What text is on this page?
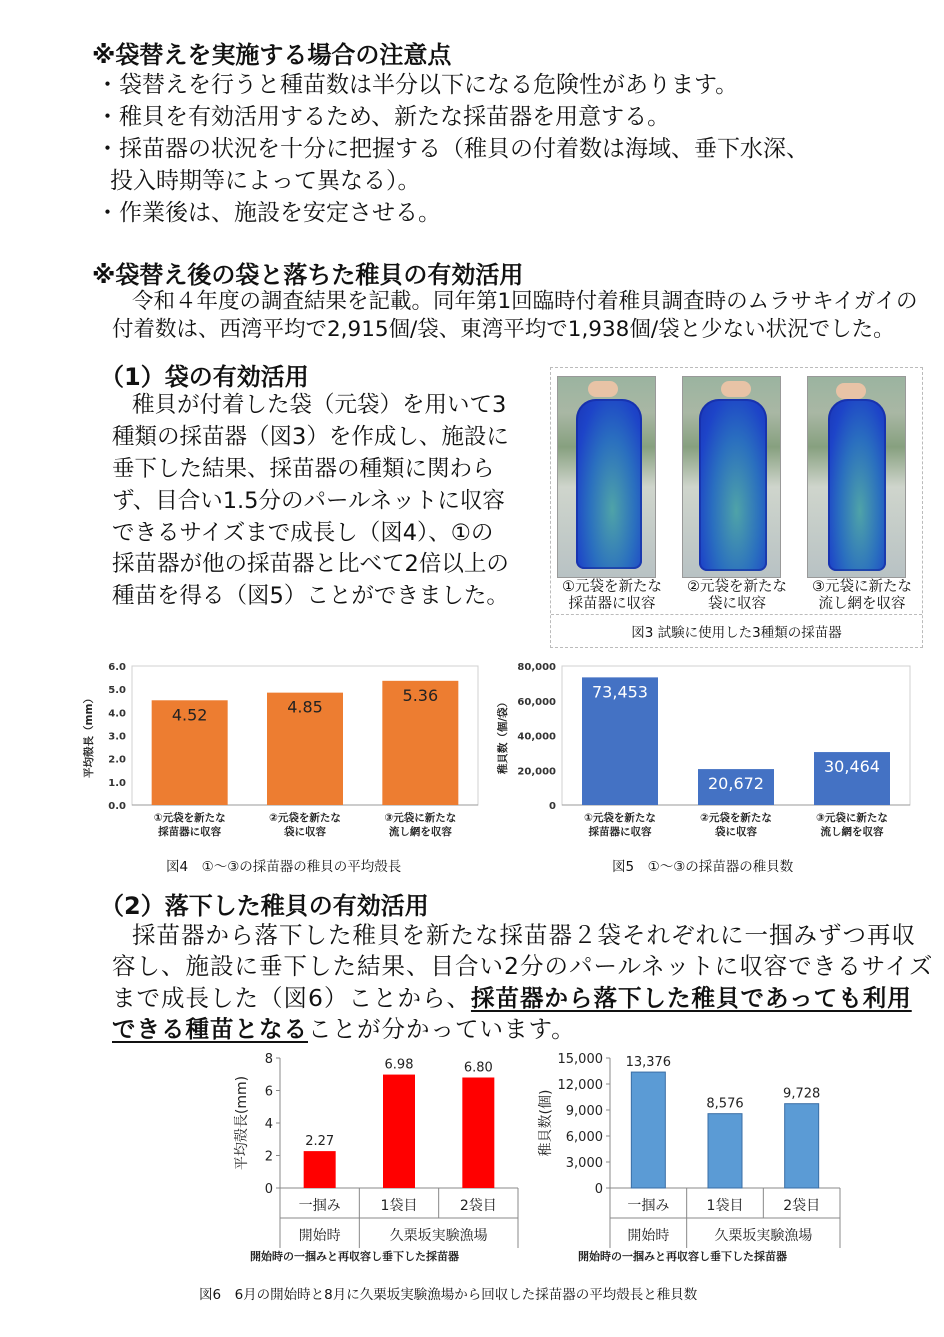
※袋替えを実施する場合の注意点
・袋替えを行うと種苗数は半分以下になる危険性があります。
・稚貝を有効活用するため、新たな採苗器を用意する。
・採苗器の状況を十分に把握する（稚貝の付着数は海域、垂下水深、
投入時期等によって異なる）。
・作業後は、施設を安定させる。
※袋替え後の袋と落ちた稚貝の有効活用
令和４年度の調査結果を記載。同年第1回臨時付着稚貝調査時のムラサキイガイの
付着数は、西湾平均で2,915個/袋、東湾平均で1,938個/袋と少ない状況でした。
（1）袋の有効活用
稚貝が付着した袋（元袋）を用いて3
種類の採苗器（図3）を作成し、施設に
垂下した結果、採苗器の種類に関わら
ず、目合い1.5分のパールネットに収容
できるサイズまで成長し（図4）、①の
採苗器が他の採苗器と比べて2倍以上の
種苗を得る（図5）ことができました。	①元袋を新たな
採苗器に収容
②元袋を新たな
袋に収容
③元袋に新たな
流し網を収容
図3 試験に使用した3種類の採苗器
0.0
1.0
2.0
3.0
4.0
5.0
6.0
4.52
①元袋を新たな
採苗器に収容
4.85
②元袋を新たな
袋に収容
5.36
③元袋に新たな
流し網を収容
平均殻長（mm）
図4　①～③の採苗器の稚貝の平均殻長
0
20,000
40,000
60,000
80,000
73,453
①元袋を新たな
採苗器に収容
20,672
②元袋を新たな
袋に収容
30,464
③元袋に新たな
流し網を収容
稚貝数（個/袋）
図5　①～③の採苗器の稚貝数
（2）落下した稚貝の有効活用
採苗器から落下した稚貝を新たな採苗器２袋それぞれに一掴みずつ再収
容し、施設に垂下した結果、目合い2分のパールネットに収容できるサイズ
まで成長した（図6）ことから、採苗器から落下した稚貝であっても利用
できる種苗となることが分かっています。
0
2
4
6
8
2.27
一掴み
6.98
1袋目
6.80
2袋目
開始時	久栗坂実験漁場
開始時の一掴みと再収容し垂下した採苗器
平均殻長(mm)
0
3,000
6,000
9,000
12,000
15,000 13,376
一掴み
8,576
1袋目
9,728
2袋目
開始時	久栗坂実験漁場
開始時の一掴みと再収容し垂下した採苗器
稚貝数(個)
図6　6月の開始時と8月に久栗坂実験漁場から回収した採苗器の平均殻長と稚貝数
